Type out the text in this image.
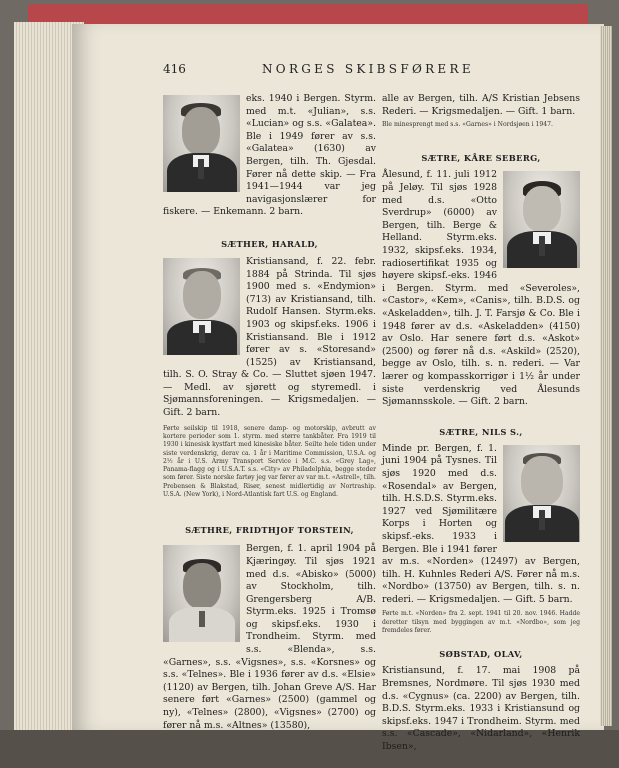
416	NORGES SKIBSFØRERE

eks. 1940 i Bergen. Styrm. med m.t. «Julian», s.s. «Lucian» og s.s. «Galatea». Ble i 1949 fører av s.s. «Galatea» (1630) av Bergen, tilh. Th. Gjesdal. Fører nå dette skip. — Fra 1941—1944 var jeg navigasjonslærer for fiskere. — Enkemann. 2 barn.

SÆTHER, HARALD,

Kristiansand, f. 22. febr. 1884 på Strinda. Til sjøs 1900 med s. «Endymion» (713) av Kristiansand, tilh. Rudolf Hansen. Styrm.eks. 1903 og skipsf.eks. 1906 i Kristiansand. Ble i 1912 fører av s. «Storesand» (1525) av Kristiansand, tilh. S. O. Stray & Co. — Sluttet sjøen 1947. — Medl. av sjørett og styremedl. i Sjømannsforeningen. — Krigsmedaljen. — Gift. 2 barn.

Førte seilskip til 1918, senere damp- og motorskip, avbrutt av kortere perioder som 1. styrm. med større tankbåter. Fra 1919 til 1930 i kinesisk kystfart med kinesiske båter. Seilte hele tiden under siste verdenskrig, derav ca. 1 år i Maritime Commission, U.S.A. og 2½ år i U.S. Army Transport Service i M.C. s.s. «Grey Lag», Panama-flagg og i U.S.A.T. s.s. «City» av Philadelphia, begge steder som fører. Siste norske fartøy jeg var fører av var m.t. «Astrell», tilh. Prebensen & Blakstad, Risør, senest midlertidig av Nortraship. U.S.A. (New York), i Nord-Atlantisk fart U.S. og England.

SÆTHRE, FRIDTHJOF TORSTEIN,

Bergen, f. 1. april 1904 på Kjæringøy. Til sjøs 1921 med d.s. «Abisko» (5000) av Stockholm, tilh. Grengersberg A/B. Styrm.eks. 1925 i Tromsø og skipsf.eks. 1930 i Trondheim. Styrm. med s.s. «Blenda», s.s. «Garnes», s.s. «Vigsnes», s.s. «Korsnes» og s.s. «Telnes». Ble i 1936 fører av d.s. «Elsie» (1120) av Bergen, tilh. Johan Greve A/S. Har senere ført «Garnes» (2500) (gammel og ny), «Telnes» (2800), «Vigsnes» (2700) og fører nå m.s. «Altnes» (13580),

alle av Bergen, tilh. A/S Kristian Jebsens Rederi. — Krigsmedaljen. — Gift. 1 barn.

Ble minesprengt med s.s. «Garnes» i Nordsjøen i 1947.

SÆTRE, KÅRE SEBERG,

Ålesund, f. 11. juli 1912 på Jeløy. Til sjøs 1928 med d.s. «Otto Sverdrup» (6000) av Bergen, tilh. Berge & Helland. Styrm.eks. 1932, skipsf.eks. 1934, radiosertifikat 1935 og høyere skipsf.-eks. 1946 i Bergen. Styrm. med «Severoles», «Castor», «Kem», «Canis», tilh. B.D.S. og «Askeladden», tilh. J. T. Farsjø & Co. Ble i 1948 fører av d.s. «Askeladden» (4150) av Oslo. Har senere ført d.s. «Askot» (2500) og fører nå d.s. «Askild» (2520), begge av Oslo, tilh. s. n. rederi. — Var lærer og kompasskorrigør i 1½ år under siste verdenskrig ved Ålesunds Sjømannsskole. — Gift. 2 barn.

SÆTRE, NILS S.,

Minde pr. Bergen, f. 1. juni 1904 på Tysnes. Til sjøs 1920 med d.s. «Rosendal» av Bergen, tilh. H.S.D.S. Styrm.eks. 1927 ved Sjømilitære Korps i Horten og skipsf.-eks. 1933 i Bergen. Ble i 1941 fører av m.s. «Norden» (12497) av Bergen, tilh. H. Kuhnles Rederi A/S. Fører nå m.s. «Nordbo» (13750) av Bergen, tilh. s. n. rederi. — Krigsmedaljen. — Gift. 5 barn.

Førte m.t. «Norden» fra 2. sept. 1941 til 20. nov. 1946. Hadde deretter tilsyn med byggingen av m.t. «Nordbo», som jeg fremdeles fører.

SØBSTAD, OLAV,

Kristiansund, f. 17. mai 1908 på Bremsnes, Nordmøre. Til sjøs 1930 med d.s. «Cygnus» (ca. 2200) av Bergen, tilh. B.D.S. Styrm.eks. 1933 i Kristiansund og skipsf.eks. 1947 i Trondheim. Styrm. med s.s. «Cascade», «Nidarland», «Henrik Ibsen»,
